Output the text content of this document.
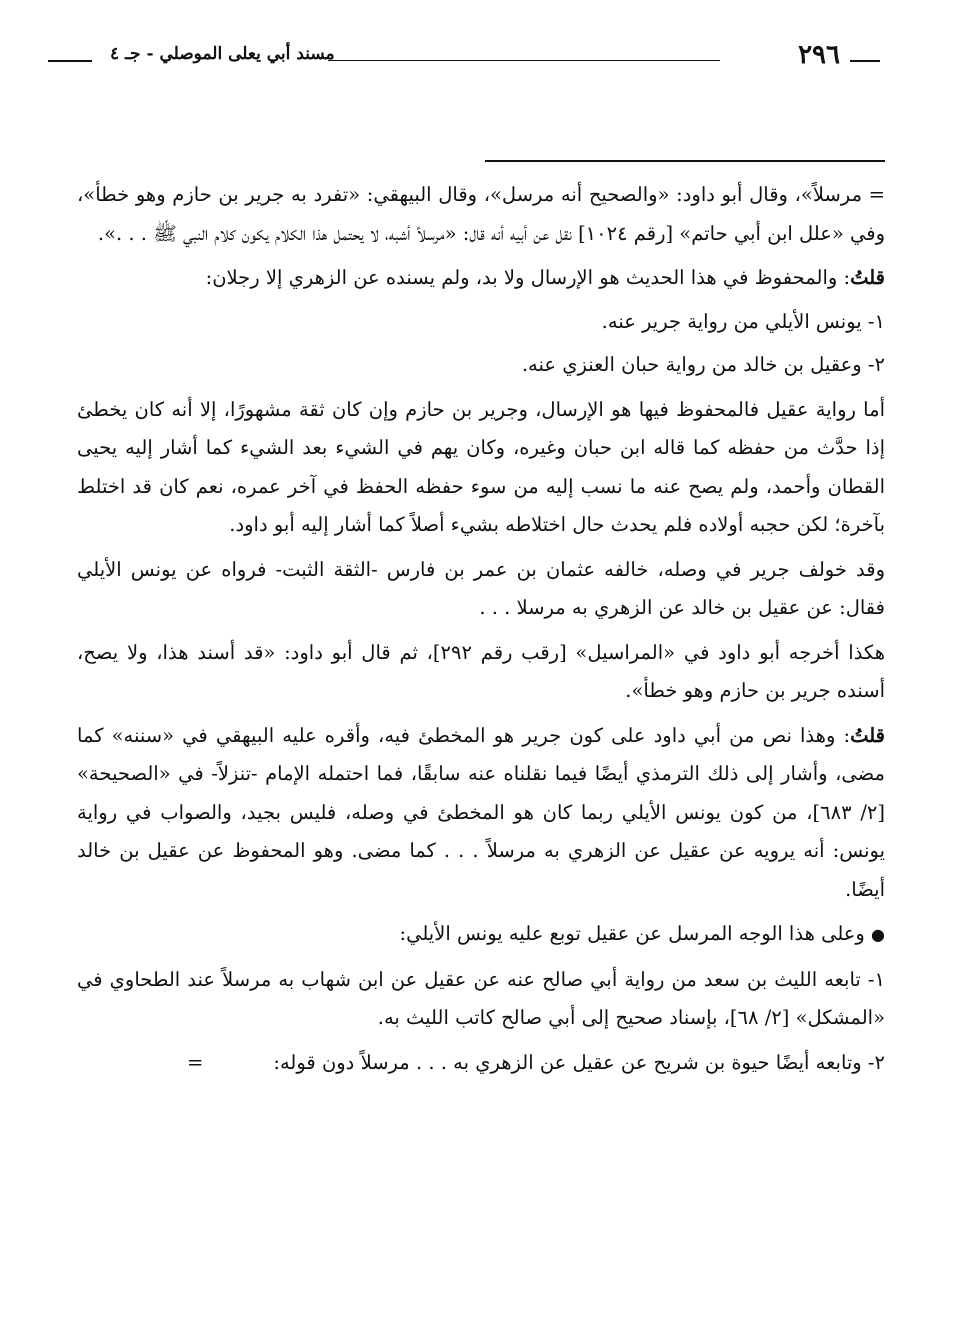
٢٩٦
مسند أبي يعلى الموصلي - جـ ٤

= مرسلاً»، وقال أبو داود: «والصحيح أنه مرسل»، وقال البيهقي: «تفرد به جرير بن حازم وهو خطأ»، وفي «علل ابن أبي حاتم» [رقم ١٠٢٤] نقل عن أبيه أنه قال: «مرسلاً أشبه، لا يحتمل هذا الكلام يكون كلام النبي ﷺ . . .».

قلتُ: والمحفوظ في هذا الحديث هو الإرسال ولا بد، ولم يسنده عن الزهري إلا رجلان:

١- يونس الأيلي من رواية جرير عنه.

٢- وعقيل بن خالد من رواية حبان العنزي عنه.

أما رواية عقيل فالمحفوظ فيها هو الإرسال، وجرير بن حازم وإن كان ثقة مشهورًا، إلا أنه كان يخطئ إذا حدَّث من حفظه كما قاله ابن حبان وغيره، وكان يهم في الشيء بعد الشيء كما أشار إليه يحيى القطان وأحمد، ولم يصح عنه ما نسب إليه من سوء حفظه الحفظ في آخر عمره، نعم كان قد اختلط بآخرة؛ لكن حجبه أولاده فلم يحدث حال اختلاطه بشيء أصلاً كما أشار إليه أبو داود.

وقد خولف جرير في وصله، خالفه عثمان بن عمر بن فارس -الثقة الثبت- فرواه عن يونس الأيلي فقال: عن عقيل بن خالد عن الزهري به مرسلا . . .

هكذا أخرجه أبو داود في «المراسيل» [رقب رقم ٢٩٢]، ثم قال أبو داود: «قد أسند هذا، ولا يصح، أسنده جرير بن حازم وهو خطأ».

قلتُ: وهذا نص من أبي داود على كون جرير هو المخطئ فيه، وأقره عليه البيهقي في «سننه» كما مضى، وأشار إلى ذلك الترمذي أيضًا فيما نقلناه عنه سابقًا، فما احتمله الإمام -تنزلاً- في «الصحيحة» [٢/ ٦٨٣]، من كون يونس الأيلي ربما كان هو المخطئ في وصله، فليس بجيد، والصواب في رواية يونس: أنه يرويه عن عقيل عن الزهري به مرسلاً . . . كما مضى. وهو المحفوظ عن عقيل بن خالد أيضًا.

● وعلى هذا الوجه المرسل عن عقيل توبع عليه يونس الأيلي:

١- تابعه الليث بن سعد من رواية أبي صالح عنه عن عقيل عن ابن شهاب به مرسلاً عند الطحاوي في «المشكل» [٢/ ٦٨]، بإسناد صحيح إلى أبي صالح كاتب الليث به.

٢- وتابعه أيضًا حيوة بن شريح عن عقيل عن الزهري به . . . مرسلاً دون قوله:
=
